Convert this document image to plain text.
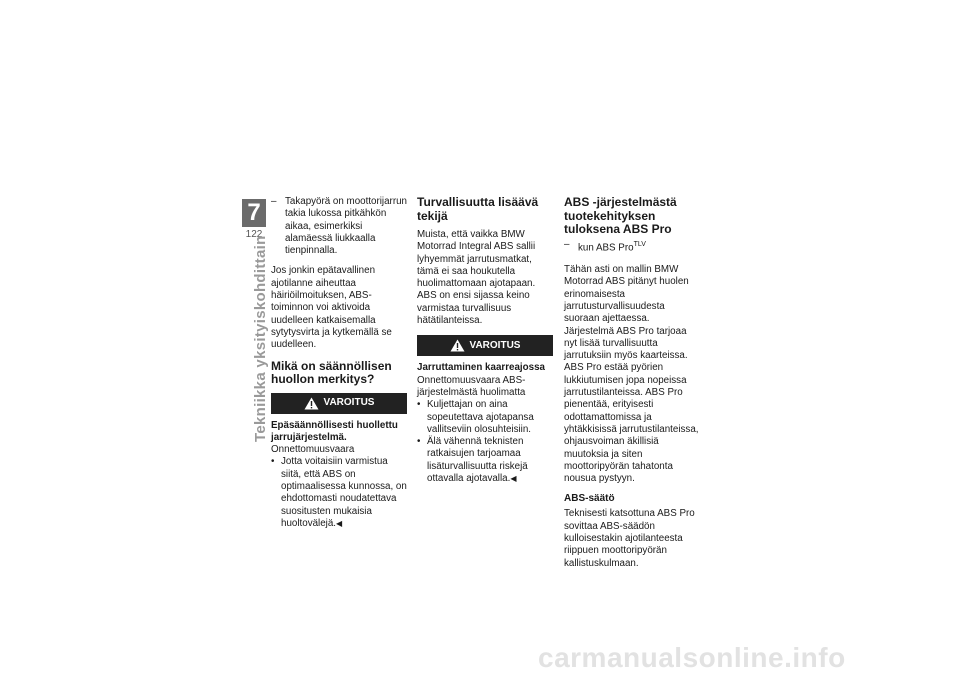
7
122
Tekniikka yksityiskohdittain

– Takapyörä on moottorijarrun takia lukossa pitkähkön aikaa, esimerkiksi alamäessä liukkaalla tienpinnalla.

Jos jonkin epätavallinen ajotilanne aiheuttaa häiriöilmoituksen, ABS-toiminnon voi aktivoida uudelleen katkaisemalla sytytysvirta ja kytkemällä se uudelleen.

Mikä on säännöllisen huollon merkitys?
VAROITUS
Epäsäännöllisesti huollettu jarrujärjestelmä.
Onnettomuusvaara

• Jotta voitaisiin varmistua siitä, että ABS on optimaalisessa kunnossa, on ehdottomasti noudatettava suositusten mukaisia huoltovälejä.◀

Turvallisuutta lisäävä tekijä

Muista, että vaikka BMW Motorrad Integral ABS sallii lyhyemmät jarrutusmatkat, tämä ei saa houkutella huolimattomaan ajotapaan. ABS on ensi sijassa keino varmistaa turvallisuus hätätilanteissa.

VAROITUS
Jarruttaminen kaarreajossa
Onnettomuusvaara ABS-järjestelmästä huolimatta

• Kuljettajan on aina sopeutettava ajotapansa vallitseviin olosuhteisiin.

• Älä vähennä teknisten ratkaisujen tarjoamaa lisäturvallisuutta riskejä ottavalla ajotavalla.◀

ABS -järjestelmästä tuotekehityksen tuloksena ABS Pro

– kun ABS Pro$^{TLV}$

Tähän asti on mallin BMW Motorrad ABS pitänyt huolen erinomaisesta jarrutusturvallisuudesta suoraan ajettaessa. Järjestelmä ABS Pro tarjoaa nyt lisää turvallisuutta jarrutuksiin myös kaarteissa. ABS Pro estää pyörien lukkiutumisen jopa nopeissa jarrutustilanteissa. ABS Pro pienentää, erityisesti odottamattomissa ja yhtäkkisissä jarrutustilanteissa, ohjausvoiman äkillisiä muutoksia ja siten moottoripyörän tahatonta nousua pystyyn.

ABS-säätö

Teknisesti katsottuna ABS Pro sovittaa ABS-säädön kulloisestakin ajotilanteesta riippuen moottoripyörän kallistuskulmaan.

carmanualsonline.info
